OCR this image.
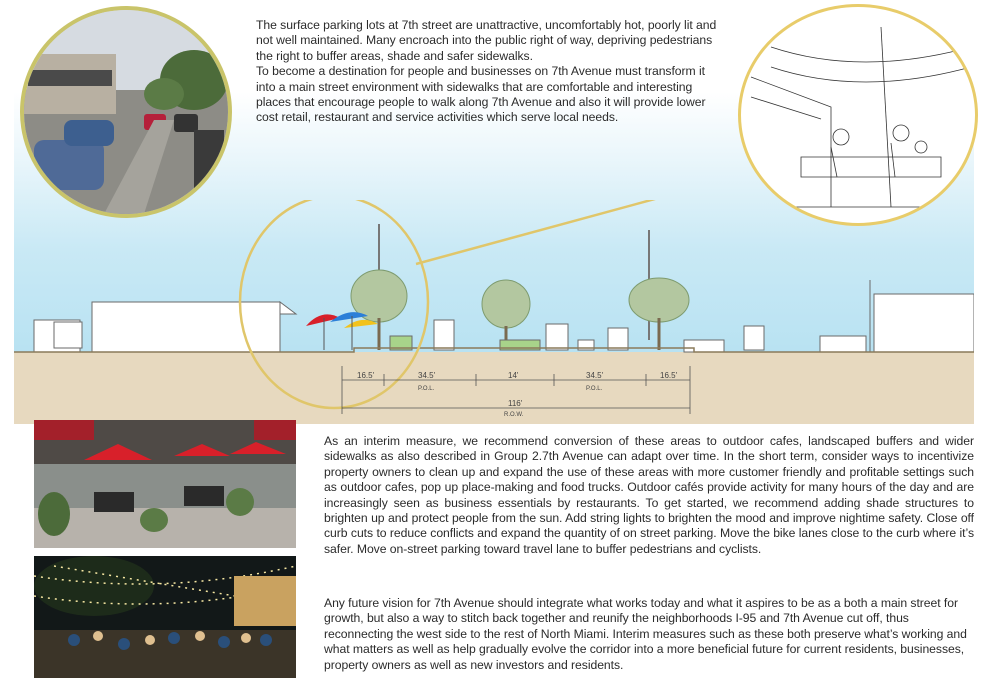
16.5'	34.5'
P.O.L.
14'	34.5'
P.O.L.
16.5'
116'
R.O.W.

The surface parking lots at 7th street are unattractive, uncomfortably hot, poorly lit and not well maintained. Many encroach into the public right of way, depriving pedestrians the right to buffer areas, shade and safer sidewalks.

To become a destination for people and businesses on 7th Avenue must transform it into a main street environment with sidewalks that are comfortable and interesting places that encourage people to walk along 7th Avenue and also it will provide lower cost retail, restaurant and service activities which serve local needs.

As an interim measure, we recommend conversion of these areas to outdoor cafes, landscaped buffers and wider sidewalks as also described in Group 2.7th Avenue can adapt over time. In the short term, consider ways to incentivize property owners to clean up and expand the use of these areas with more customer friendly and profitable settings such as outdoor cafes, pop up place-making and food trucks. Outdoor cafés provide activity for many hours of the day and are increasingly seen as business essentials by restaurants. To get started, we recommend adding shade structures to brighten up and protect people from the sun. Add string lights to brighten the mood and improve nightime safety. Close off curb cuts to reduce conflicts and expand the quantity of on street parking. Move the bike lanes close to the curb where it’s safer. Move on-street parking toward travel lane to buffer pedestrians and cyclists.

Any future vision for 7th Avenue should integrate what works today and what it aspires to be as a both a main street for growth, but also a way to stitch back together and reunify the neighborhoods I-95 and 7th Avenue cut off, thus reconnecting the west side to the rest of North Miami. Interim measures such as these both preserve what’s working and what matters as well as help gradually evolve the corridor into a more beneficial future for current residents, businesses, property owners as well as new investors and residents.
